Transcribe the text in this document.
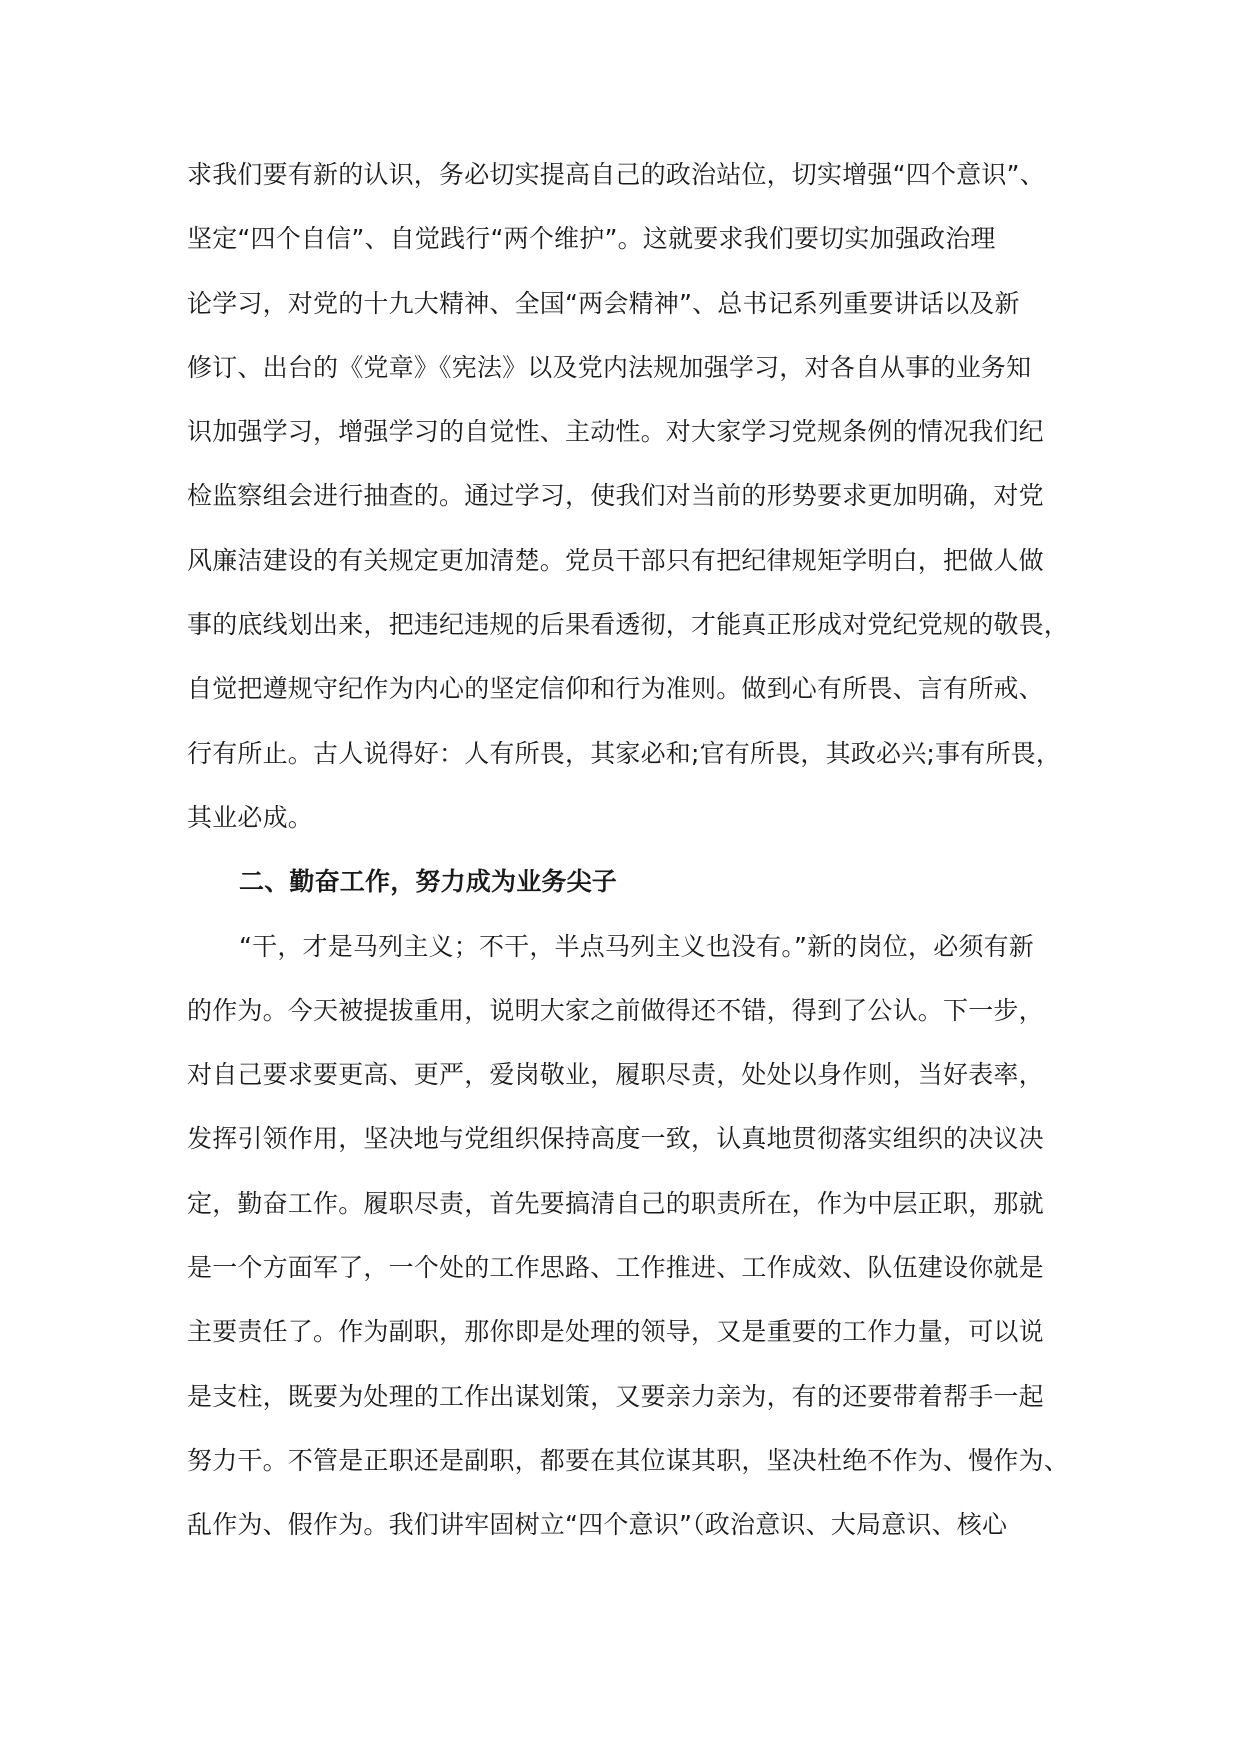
求我们要有新的认识，务必切实提高自己的政治站位，切实增强“四个意识”、
坚定“四个自信”、自觉践行“两个维护”。这就要求我们要切实加强政治理
论学习，对党的十九大精神、全国“两会精神”、总书记系列重要讲话以及新
修订、出台的《党章》《宪法》以及党内法规加强学习，对各自从事的业务知
识加强学习，增强学习的自觉性、主动性。对大家学习党规条例的情况我们纪
检监察组会进行抽查的。通过学习，使我们对当前的形势要求更加明确，对党
风廉洁建设的有关规定更加清楚。党员干部只有把纪律规矩学明白，把做人做
事的底线划出来，把违纪违规的后果看透彻，才能真正形成对党纪党规的敬畏，
自觉把遵规守纪作为内心的坚定信仰和行为准则。做到心有所畏、言有所戒、
行有所止。古人说得好：人有所畏，其家必和;官有所畏，其政必兴;事有所畏，
其业必成。
二、勤奋工作，努力成为业务尖子
“干，才是马列主义；不干，半点马列主义也没有。”新的岗位，必须有新
的作为。今天被提拔重用，说明大家之前做得还不错，得到了公认。下一步，
对自己要求要更高、更严，爱岗敬业，履职尽责，处处以身作则，当好表率，
发挥引领作用，坚决地与党组织保持高度一致，认真地贯彻落实组织的决议决
定，勤奋工作。履职尽责，首先要搞清自己的职责所在，作为中层正职，那就
是一个方面军了，一个处的工作思路、工作推进、工作成效、队伍建设你就是
主要责任了。作为副职，那你即是处理的领导，又是重要的工作力量，可以说
是支柱，既要为处理的工作出谋划策，又要亲力亲为，有的还要带着帮手一起
努力干。不管是正职还是副职，都要在其位谋其职，坚决杜绝不作为、慢作为、
乱作为、假作为。我们讲牢固树立“四个意识”（政治意识、大局意识、核心
